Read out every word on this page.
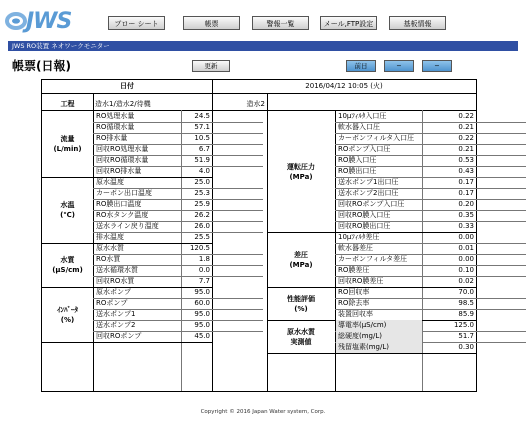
JWS	ブロー シート	帳票	警報一覧	メール,FTP設定	基板情報
JWS RO装置 ネオワークモニター
帳票(日報)	更新	前日	─	─
日付	2016/04/12 10:05 (火)
工程	造水1/造水2/待機	造水2
流量
(L/min)
RO処理水量	24.5
RO循環水量	57.1
RO排水量	10.5
回収RO処理水量	6.7
回収RO循環水量	51.9
回収RO排水量	4.0
水温
(℃)
原水温度	25.0
カーボン出口温度	25.3
RO膜出口温度	25.9
RO水タンク温度	26.2
送水ライン戻り温度	26.0
排水温度	25.5
水質
(μS/cm)
原水水質	120.5
RO水質	1.8
送水循環水質	0.0
回収RO水質	7.7
ｲﾝﾊﾞｰﾀ
(%)
原水ポンプ	95.0
ROポンプ	60.0
送水ポンプ1	95.0
送水ポンプ2	95.0
回収ROポンプ	45.0
運転圧力
(MPa)
10μﾌｨﾙﾀ入口圧	0.22
軟水器入口圧	0.21
カーボンフィルタ入口圧	0.22
ROポンプ入口圧	0.21
RO膜入口圧	0.53
RO膜出口圧	0.43
送水ポンプ1出口圧	0.17
送水ポンプ2出口圧	0.17
回収ROポンプ入口圧	0.20
回収RO膜入口圧	0.35
回収RO膜出口圧	0.33
差圧
(MPa)
10μﾌｨﾙﾀ差圧	0.00
軟水器差圧	0.01
カーボンフィルタ差圧	0.00
RO膜差圧	0.10
回収RO膜差圧	0.02
性能評価
(%)
RO回収率	70.0
RO除去率	98.5
装置回収率	85.9
原水水質
実測値
導電率(μS/cm)	125.0
総硬度(mg/L)	51.7
残留塩素(mg/L)	0.30
Copyright © 2016 Japan Water system, Corp.
